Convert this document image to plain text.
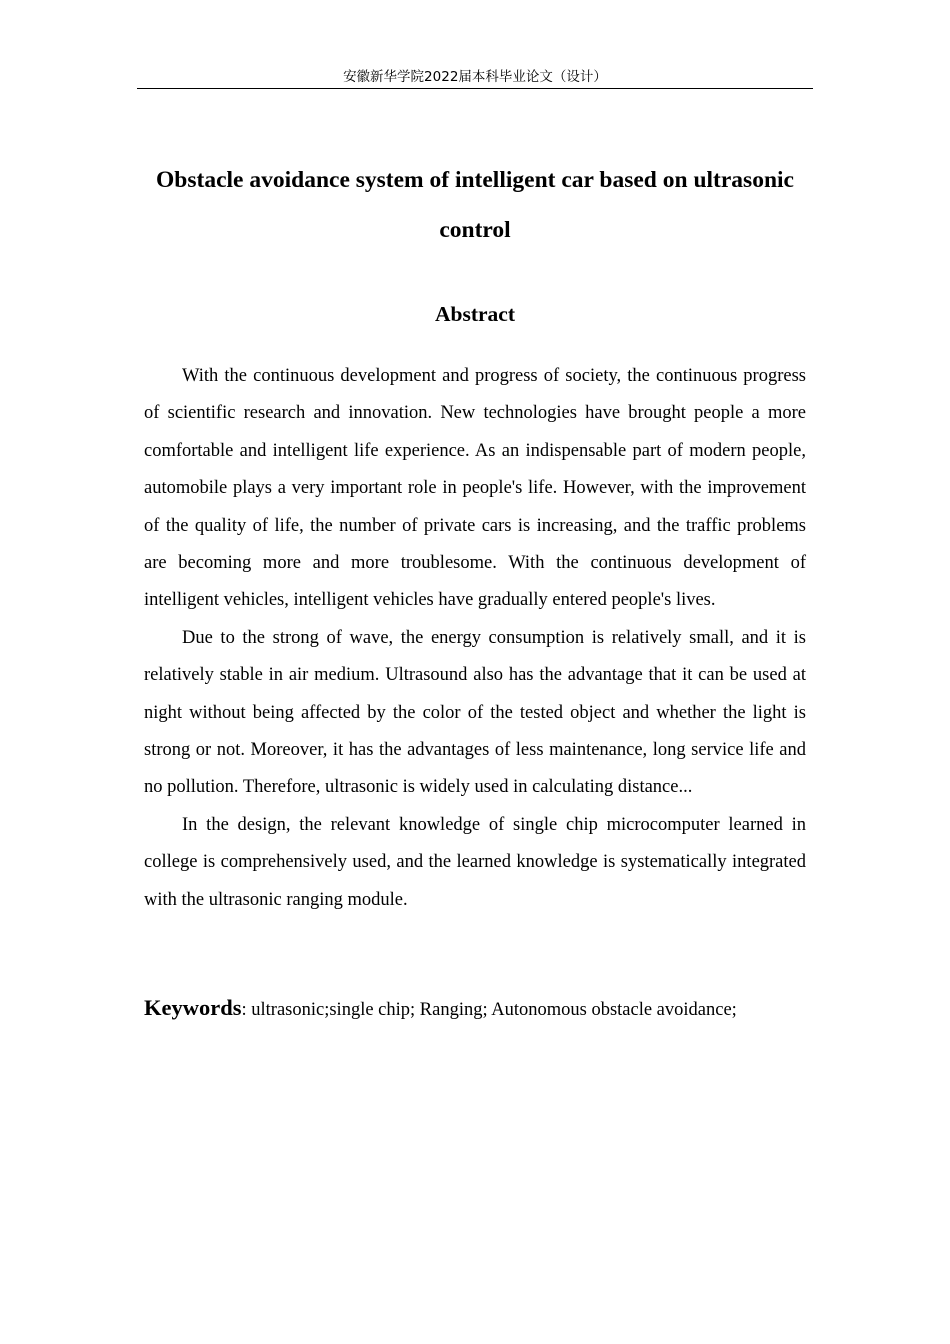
安徽新华学院2022届本科毕业论文（设计）
Obstacle avoidance system of intelligent car based on ultrasonic
control
Abstract

With the continuous development and progress of society, the continuous progress of scientific research and innovation. New technologies have brought people a more comfortable and intelligent life experience. As an indispensable part of modern people, automobile plays a very important role in people's life. However, with the improvement of the quality of life, the number of private cars is increasing, and the traffic problems are becoming more and more troublesome. With the continuous development of intelligent vehicles, intelligent vehicles have gradually entered people's lives.

Due to the strong of wave, the energy consumption is relatively small, and it is relatively stable in air medium. Ultrasound also has the advantage that it can be used at night without being affected by the color of the tested object and whether the light is strong or not. Moreover, it has the advantages of less maintenance, long service life and no pollution. Therefore, ultrasonic is widely used in calculating distance...

In the design, the relevant knowledge of single chip microcomputer learned in college is comprehensively used, and the learned knowledge is systematically integrated with the ultrasonic ranging module.

Keywords: ultrasonic;single chip; Ranging; Autonomous obstacle avoidance;
